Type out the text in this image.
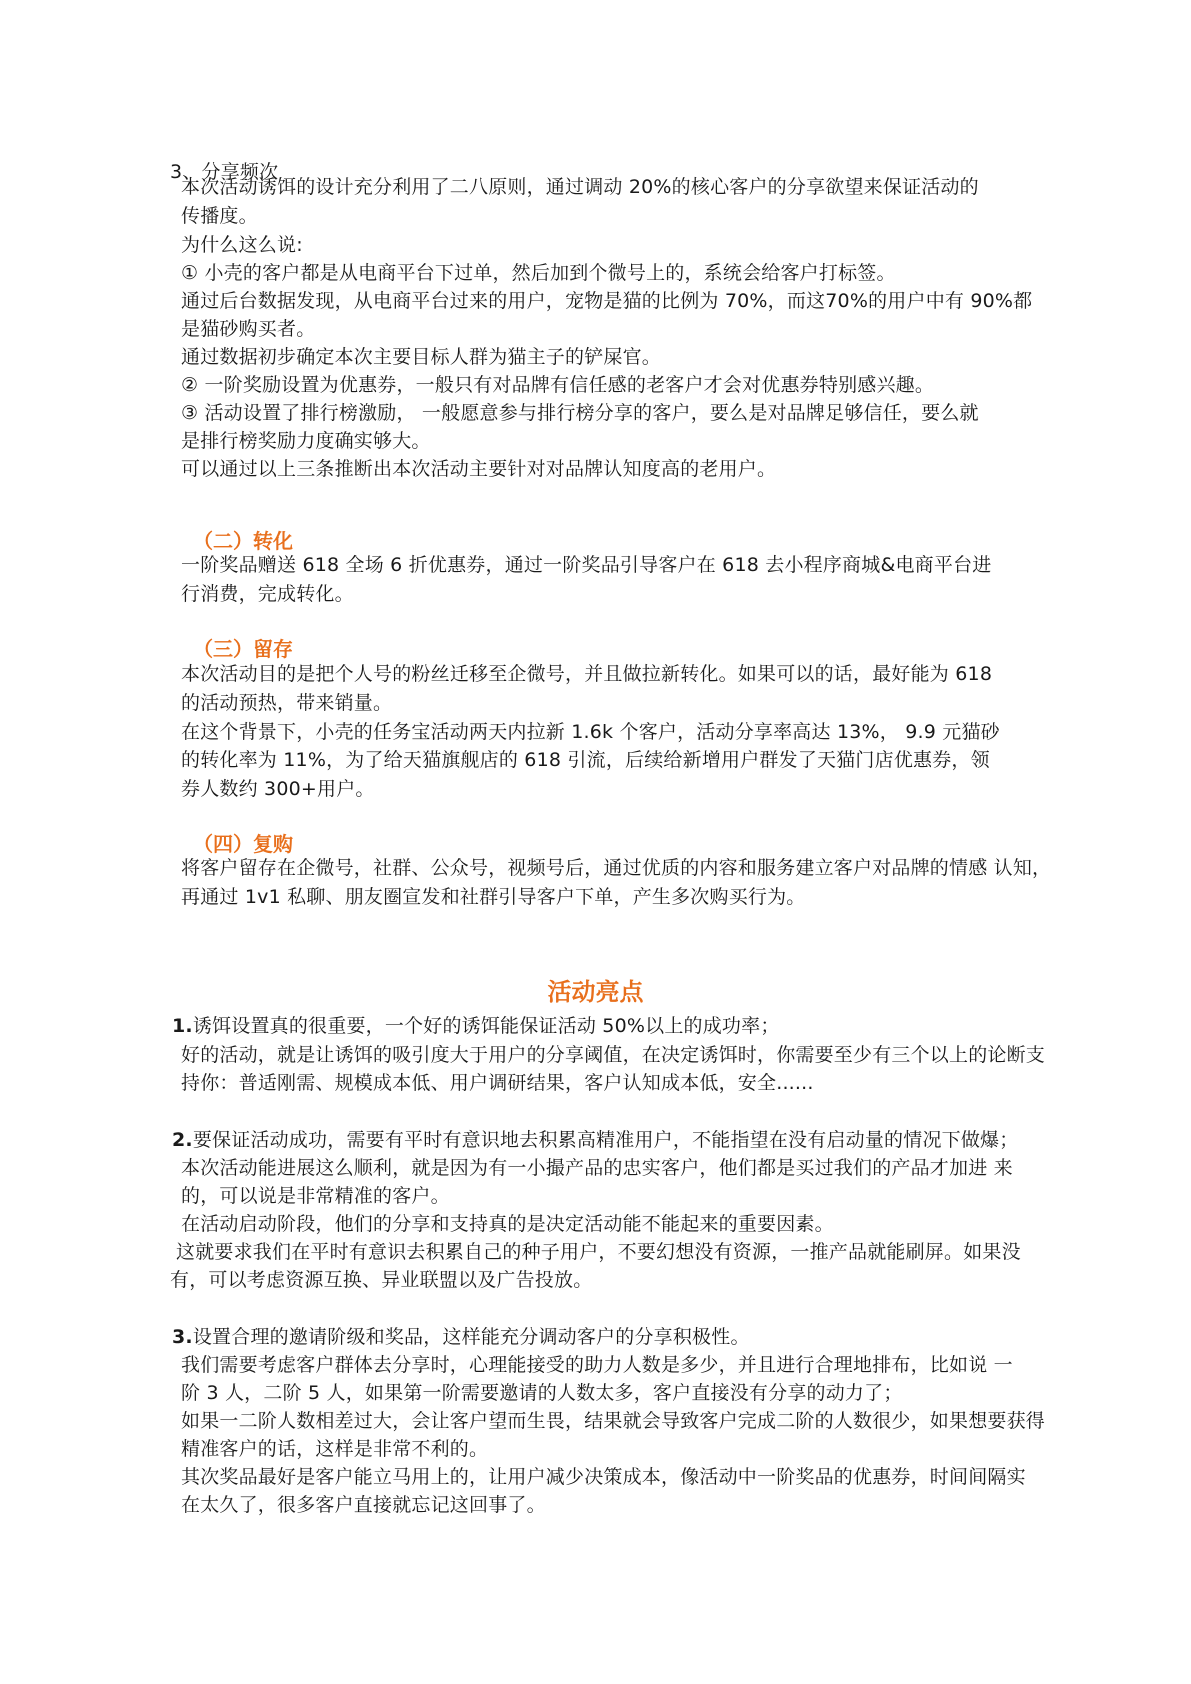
3、分享频次
本次活动诱饵的设计充分利用了二八原则，通过调动 20%的核心客户的分享欲望来保证活动的
传播度。
为什么这么说:
① 小壳的客户都是从电商平台下过单，然后加到个微号上的，系统会给客户打标签。
通过后台数据发现，从电商平台过来的用户，宠物是猫的比例为 70%，而这70%的用户中有 90%都
是猫砂购买者。
通过数据初步确定本次主要目标人群为猫主子的铲屎官。
② 一阶奖励设置为优惠券，一般只有对品牌有信任感的老客户才会对优惠券特别感兴趣。
③ 活动设置了排行榜激励， 一般愿意参与排行榜分享的客户，要么是对品牌足够信任，要么就
是排行榜奖励力度确实够大。
可以通过以上三条推断出本次活动主要针对对品牌认知度高的老用户。
（二）转化
一阶奖品赠送 618 全场 6 折优惠券，通过一阶奖品引导客户在 618 去小程序商城&电商平台进
行消费，完成转化。
（三）留存
本次活动目的是把个人号的粉丝迁移至企微号，并且做拉新转化。如果可以的话，最好能为 618
的活动预热，带来销量。
在这个背景下，小壳的任务宝活动两天内拉新 1.6k 个客户，活动分享率高达 13%， 9.9 元猫砂
的转化率为 11%，为了给天猫旗舰店的 618 引流，后续给新增用户群发了天猫门店优惠券，领
券人数约 300+用户。
（四）复购
将客户留存在企微号，社群、公众号，视频号后，通过优质的内容和服务建立客户对品牌的情感 认知，
再通过 1v1 私聊、朋友圈宣发和社群引导客户下单，产生多次购买行为。
活动亮点
1.诱饵设置真的很重要，一个好的诱饵能保证活动 50%以上的成功率；
好的活动，就是让诱饵的吸引度大于用户的分享阈值，在决定诱饵时，你需要至少有三个以上的论断支
持你：普适刚需、规模成本低、用户调研结果，客户认知成本低，安全......
2.要保证活动成功，需要有平时有意识地去积累高精准用户，不能指望在没有启动量的情况下做爆；
本次活动能进展这么顺利，就是因为有一小撮产品的忠实客户，他们都是买过我们的产品才加进 来
的，可以说是非常精准的客户。
在活动启动阶段，他们的分享和支持真的是决定活动能不能起来的重要因素。
这就要求我们在平时有意识去积累自己的种子用户，不要幻想没有资源，一推产品就能刷屏。如果没
有，可以考虑资源互换、异业联盟以及广告投放。
3.设置合理的邀请阶级和奖品，这样能充分调动客户的分享积极性。
我们需要考虑客户群体去分享时，心理能接受的助力人数是多少，并且进行合理地排布，比如说 一
阶 3 人，二阶 5 人，如果第一阶需要邀请的人数太多，客户直接没有分享的动力了；
如果一二阶人数相差过大，会让客户望而生畏，结果就会导致客户完成二阶的人数很少，如果想要获得
精准客户的话，这样是非常不利的。
其次奖品最好是客户能立马用上的，让用户减少决策成本，像活动中一阶奖品的优惠券，时间间隔实
在太久了，很多客户直接就忘记这回事了。
